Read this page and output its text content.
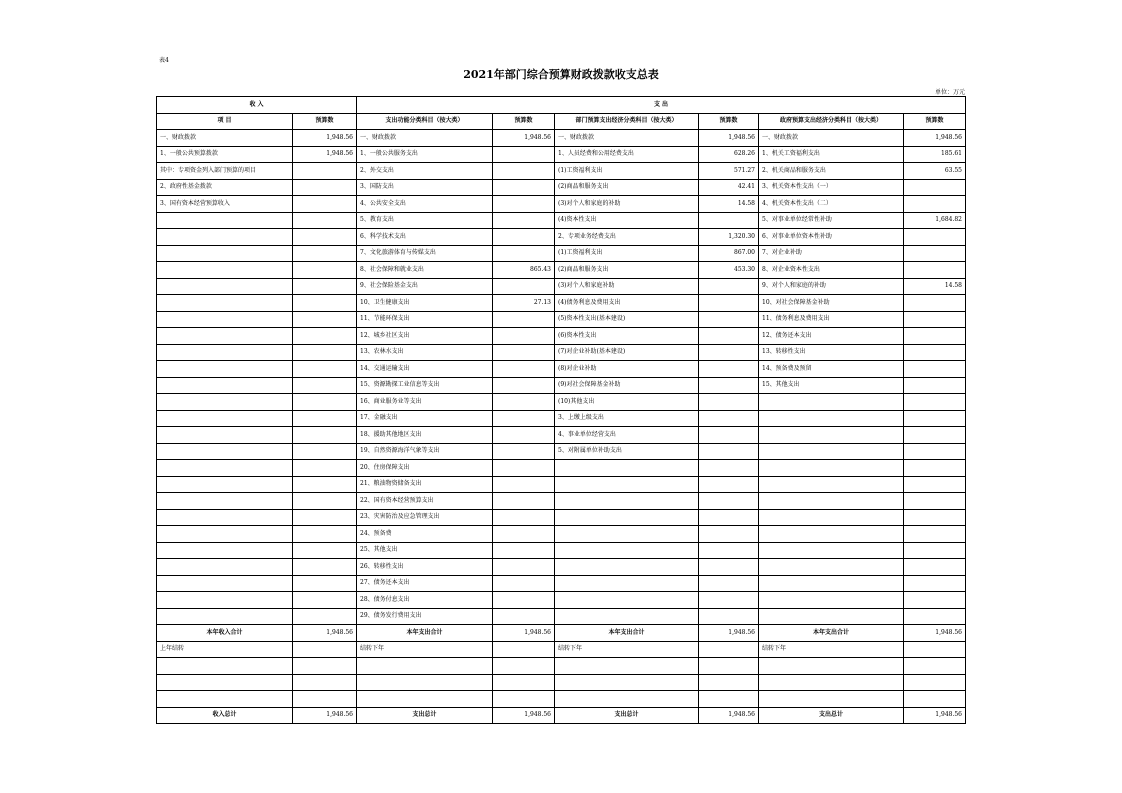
表4
2021年部门综合预算财政拨款收支总表
单位：万元
收 入		支 出					
项 目	预算数	支出功能分类科目（按大类）	预算数	部门预算支出经济分类科目（按大类）	预算数	政府预算支出经济分类科目（按大类）	预算数
一、财政拨款	1,948.56	一、财政拨款	1,948.56	一、财政拨款	1,948.56	一、财政拨款	1,948.56
1、一般公共预算拨款	1,948.56	1、一般公共服务支出		1、人员经费和公用经费支出	628.26	1、机关工资福利支出	185.61
其中：专项资金列入部门预算的项目		2、外交支出		(1)工资福利支出	571.27	2、机关商品和服务支出	63.55
2、政府性基金拨款		3、国防支出		(2)商品和服务支出	42.41	3、机关资本性支出（一）	
3、国有资本经营预算收入		4、公共安全支出		(3)对个人和家庭的补助	14.58	4、机关资本性支出（二）	
		5、教育支出		(4)资本性支出		5、对事业单位经常性补助	1,684.82
		6、科学技术支出		2、专项业务经费支出	1,320.30	6、对事业单位资本性补助	
		7、文化旅游体育与传媒支出		(1)工资福利支出	867.00	7、对企业补助	
		8、社会保障和就业支出	865.43	(2)商品和服务支出	453.30	8、对企业资本性支出	
		9、社会保险基金支出		(3)对个人和家庭补助		9、对个人和家庭的补助	14.58
		10、卫生健康支出	27.13	(4)债务利息及费用支出		10、对社会保障基金补助	
		11、节能环保支出		(5)资本性支出(基本建设)		11、债务利息及费用支出	
		12、城乡社区支出		(6)资本性支出		12、债务还本支出	
		13、农林水支出		(7)对企业补助(基本建设)		13、转移性支出	
		14、交通运输支出		(8)对企业补助		14、预备费及预留	
		15、资源勘探工业信息等支出		(9)对社会保障基金补助		15、其他支出	
		16、商业服务业等支出		(10)其他支出			
		17、金融支出		3、上缴上级支出			
		18、援助其他地区支出		4、事业单位经营支出			
		19、自然资源海洋气象等支出		5、对附属单位补助支出			
		20、住房保障支出					
		21、粮油物资储备支出					
		22、国有资本经营预算支出					
		23、灾害防治及应急管理支出					
		24、预备费					
		25、其他支出					
		26、转移性支出					
		27、债务还本支出					
		28、债务付息支出					
		29、债务发行费用支出					
本年收入合计	1,948.56	本年支出合计	1,948.56	本年支出合计	1,948.56	本年支出合计	1,948.56
上年结转		结转下年		结转下年		结转下年	

收入总计	1,948.56	支出总计	1,948.56	支出总计	1,948.56	支出总计	1,948.56
